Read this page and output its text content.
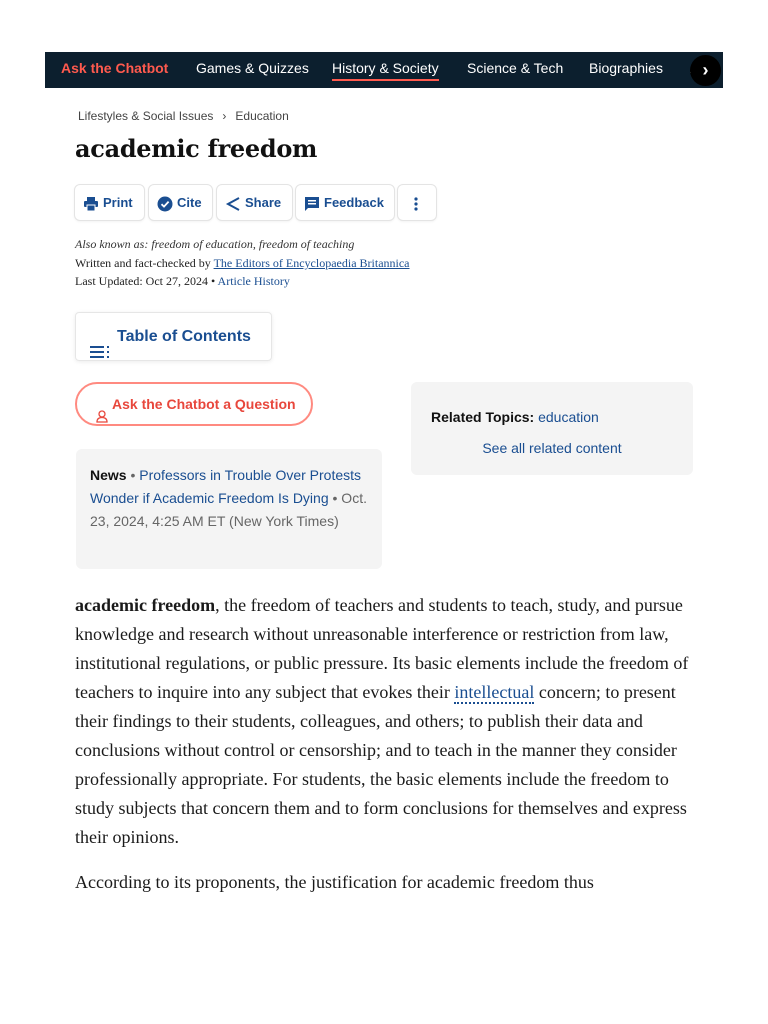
Ask the Chatbot Games & Quizzes History & Society Science & Tech Biographies	›
Lifestyles & Social Issues › Education
academic freedom
Print	Cite	Share	Feedback
Also known as: freedom of education, freedom of teaching
Written and fact-checked by The Editors of Encyclopaedia Britannica
Last Updated: Oct 27, 2024 • Article History
Table of Contents
Ask the Chatbot a Question
News • Professors in Trouble Over Protests Wonder if Academic Freedom Is Dying • Oct. 23, 2024, 4:25 AM ET (New York Times)
Related Topics: education
See all related content

academic freedom, the freedom of teachers and students to teach, study, and pursue knowledge and research without unreasonable interference or restriction from law, institutional regulations, or public pressure. Its basic elements include the freedom of teachers to inquire into any subject that evokes their intellectual concern; to present their findings to their students, colleagues, and others; to publish their data and conclusions without control or censorship; and to teach in the manner they consider professionally appropriate. For students, the basic elements include the freedom to study subjects that concern them and to form conclusions for themselves and express their opinions.

According to its proponents, the justification for academic freedom thus
